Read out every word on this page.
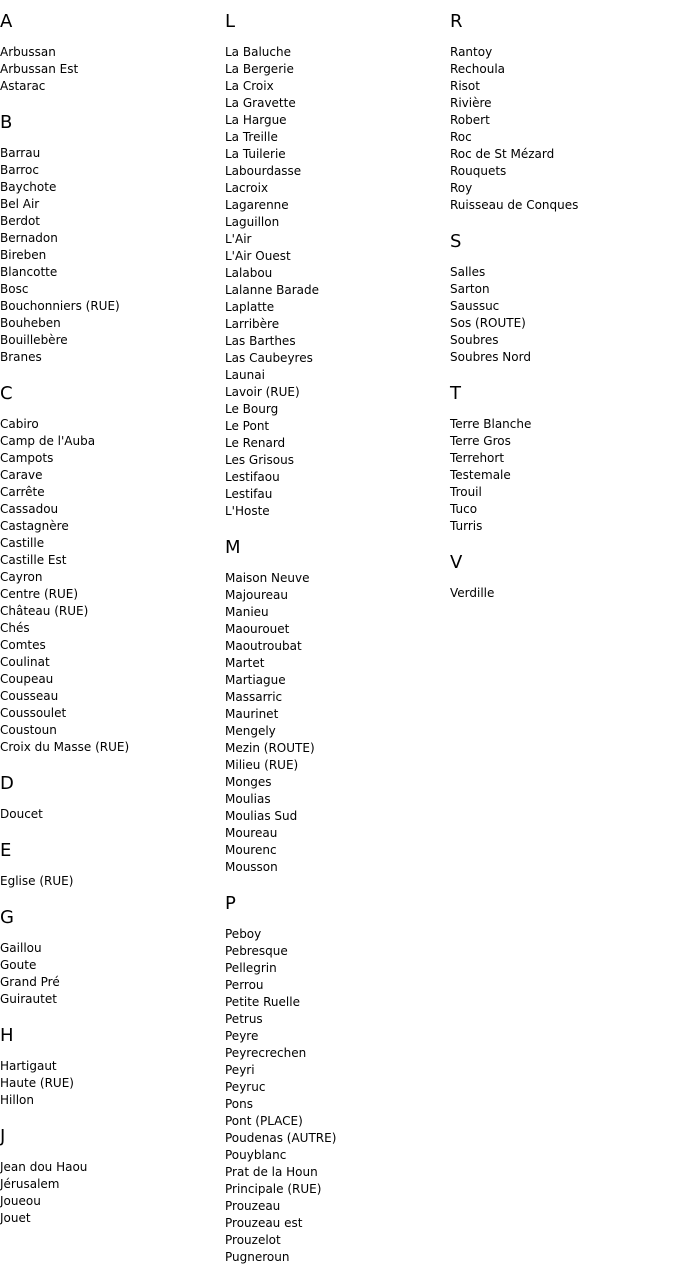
A
Arbussan
Arbussan Est
Astarac
B
Barrau
Barroc
Baychote
Bel Air
Berdot
Bernadon
Bireben
Blancotte
Bosc
Bouchonniers (RUE)
Bouheben
Bouillebère
Branes
C
Cabiro
Camp de l'Auba
Campots
Carave
Carrête
Cassadou
Castagnère
Castille
Castille Est
Cayron
Centre (RUE)
Château (RUE)
Chés
Comtes
Coulinat
Coupeau
Cousseau
Coussoulet
Coustoun
Croix du Masse (RUE)
D
Doucet
E
Eglise (RUE)
G
Gaillou
Goute
Grand Pré
Guirautet
H
Hartigaut
Haute (RUE)
Hillon
J
Jean dou Haou
Jérusalem
Joueou
Jouet
L
La Baluche
La Bergerie
La Croix
La Gravette
La Hargue
La Treille
La Tuilerie
Labourdasse
Lacroix
Lagarenne
Laguillon
L'Air
L'Air Ouest
Lalabou
Lalanne Barade
Laplatte
Larribère
Las Barthes
Las Caubeyres
Launai
Lavoir (RUE)
Le Bourg
Le Pont
Le Renard
Les Grisous
Lestifaou
Lestifau
L'Hoste
M
Maison Neuve
Majoureau
Manieu
Maourouet
Maoutroubat
Martet
Martiague
Massarric
Maurinet
Mengely
Mezin (ROUTE)
Milieu (RUE)
Monges
Moulias
Moulias Sud
Moureau
Mourenc
Mousson
P
Peboy
Pebresque
Pellegrin
Perrou
Petite Ruelle
Petrus
Peyre
Peyrecrechen
Peyri
Peyruc
Pons
Pont (PLACE)
Poudenas (AUTRE)
Pouyblanc
Prat de la Houn
Principale (RUE)
Prouzeau
Prouzeau est
Prouzelot
Pugneroun
R
Rantoy
Rechoula
Risot
Rivière
Robert
Roc
Roc de St Mézard
Rouquets
Roy
Ruisseau de Conques
S
Salles
Sarton
Saussuc
Sos (ROUTE)
Soubres
Soubres Nord
T
Terre Blanche
Terre Gros
Terrehort
Testemale
Trouil
Tuco
Turris
V
Verdille
